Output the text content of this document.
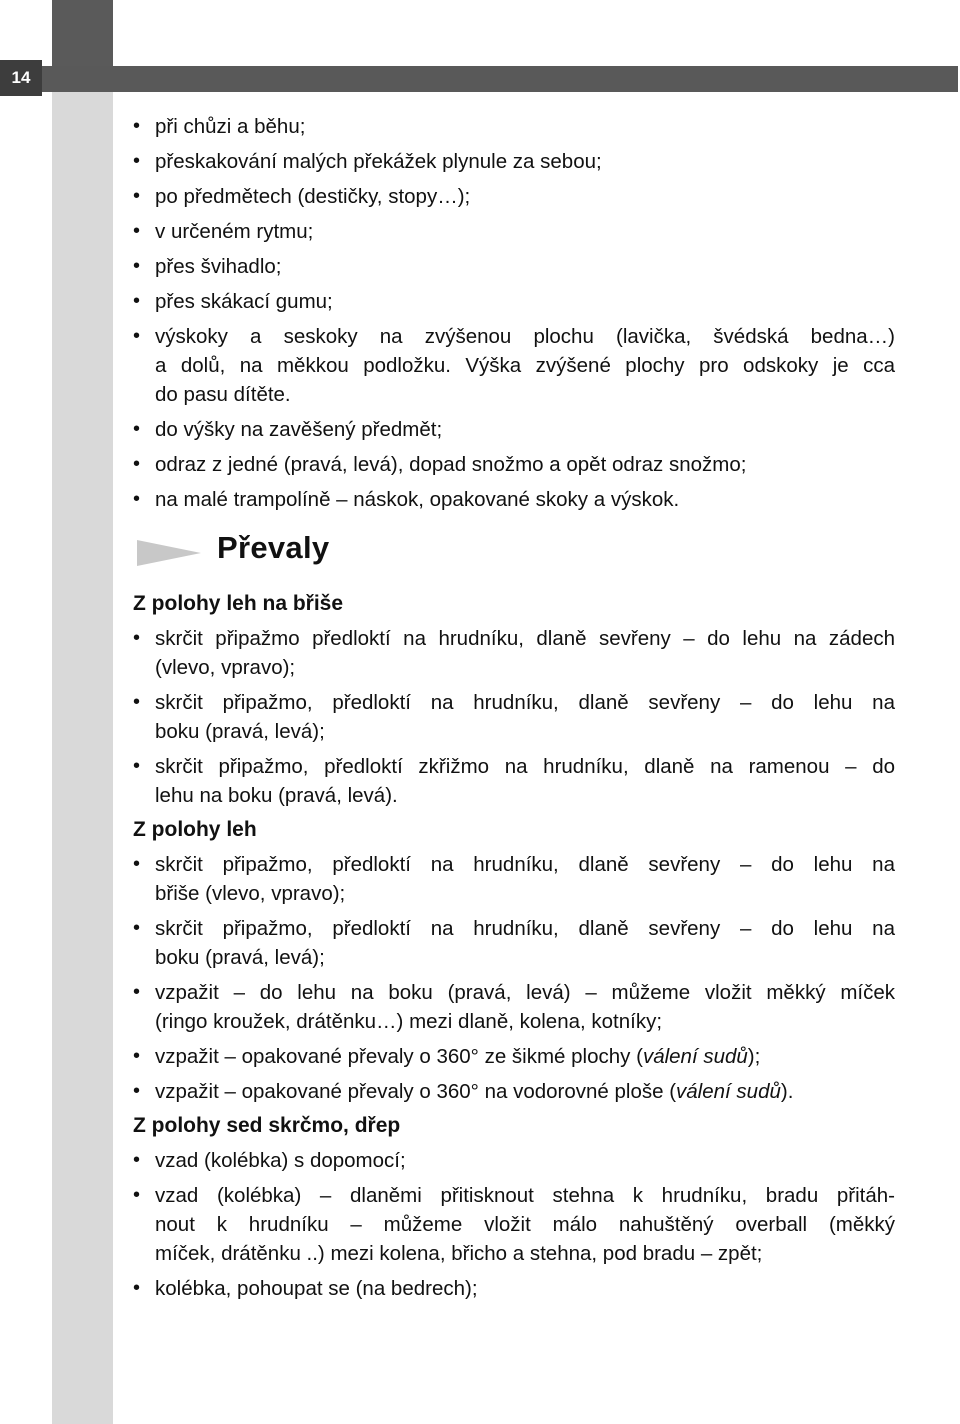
14
• při chůzi a běhu;
• přeskakování malých překážek plynule za sebou;
• po předmětech (destičky, stopy…);
• v určeném rytmu;
• přes švihadlo;
• přes skákací gumu;
• výskoky a seskoky na zvýšenou plochu (lavička, švédská bedna…)
a dolů, na měkkou podložku. Výška zvýšené plochy pro odskoky je cca
do pasu dítěte.
• do výšky na zavěšený předmět;
• odraz z jedné (pravá, levá), dopad snožmo a opět odraz snožmo;
• na malé trampolíně – náskok, opakované skoky a výskok.
Převaly
Z polohy leh na břiše
• skrčit připažmo předloktí na hrudníku, dlaně sevřeny – do lehu na zádech
(vlevo, vpravo);
• skrčit připažmo, předloktí na hrudníku, dlaně sevřeny – do lehu na
boku (pravá, levá);
• skrčit připažmo, předloktí zkřižmo na hrudníku, dlaně na ramenou – do
lehu na boku (pravá, levá).
Z polohy leh
• skrčit připažmo, předloktí na hrudníku, dlaně sevřeny – do lehu na
břiše (vlevo, vpravo);
• skrčit připažmo, předloktí na hrudníku, dlaně sevřeny – do lehu na
boku (pravá, levá);
• vzpažit – do lehu na boku (pravá, levá) – můžeme vložit měkký míček
(ringo kroužek, drátěnku…) mezi dlaně, kolena, kotníky;
• vzpažit – opakované převaly o 360° ze šikmé plochy (válení sudů);
• vzpažit – opakované převaly o 360° na vodorovné ploše (válení sudů).
Z polohy sed skrčmo, dřep
• vzad (kolébka) s dopomocí;
• vzad (kolébka) – dlaněmi přitisknout stehna k hrudníku, bradu přitáh-
nout k hrudníku – můžeme vložit málo nahuštěný overball (měkký
míček, drátěnku ..) mezi kolena, břicho a stehna, pod bradu – zpět;
• kolébka, pohoupat se (na bedrech);
